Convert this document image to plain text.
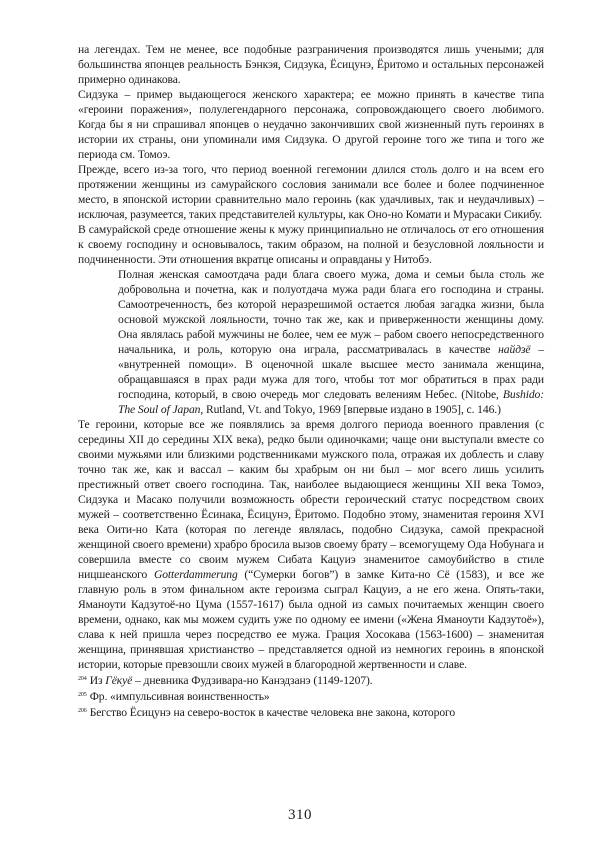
на легендах. Тем не менее, все подобные разграничения производятся лишь учеными; для большинства японцев реальность Бэнкэя, Сидзука, Ёсицунэ, Ёритомо и остальных персонажей примерно одинакова.

Сидзука – пример выдающегося женского характера; ее можно принять в качестве типа «героини поражения», полулегендарного персонажа, сопровождающего своего любимого. Когда бы я ни спрашивал японцев о неудачно закончивших свой жизненный путь героинях в истории их страны, они упоминали имя Сидзука. О другой героине того же типа и того же периода см. Томоэ.

Прежде, всего из-за того, что период военной гегемонии длился столь долго и на всем его протяжении женщины из самурайского сословия занимали все более и более подчиненное место, в японской истории сравнительно мало героинь (как удачливых, так и неудачливых) – исключая, разумеется, таких представителей культуры, как Оно-но Комати и Мурасаки Сикибу.

В самурайской среде отношение жены к мужу принципиально не отличалось от его отношения к своему господину и основывалось, таким образом, на полной и безусловной лояльности и подчиненности. Эти отношения вкратце описаны и оправданы у Нитобэ.

Полная женская самоотдача ради блага своего мужа, дома и семьи была столь же добровольна и почетна, как и полуотдача мужа ради блага его господина и страны. Самоотреченность, без которой неразрешимой остается любая загадка жизни, была основой мужской лояльности, точно так же, как и приверженности женщины дому. Она являлась рабой мужчины не более, чем ее муж – рабом своего непосредственного начальника, и роль, которую она играла, рассматривалась в качестве найдзё – «внутренней помощи». В оценочной шкале высшее место занимала женщина, обращавшаяся в прах ради мужа для того, чтобы тот мог обратиться в прах ради господина, который, в свою очередь мог следовать велениям Небес. (Nitobe, Bushido: The Soul of Japan, Rutland, Vt. and Tokyo, 1969 [впервые издано в 1905], с. 146.)

Те героини, которые все же появлялись за время долгого периода военного правления (с середины XII до середины XIX века), редко были одиночками; чаще они выступали вместе со своими мужьями или близкими родственниками мужского пола, отражая их доблесть и славу точно так же, как и вассал – каким бы храбрым он ни был – мог всего лишь усилить престижный ответ своего господина. Так, наиболее выдающиеся женщины XII века Томоэ, Сидзука и Масако получили возможность обрести героический статус посредством своих мужей – соответственно Ёсинака, Ёсицунэ, Ёритомо. Подобно этому, знаменитая героиня XVI века Оити-но Ката (которая по легенде являлась, подобно Сидзука, самой прекрасной женщиной своего времени) храбро бросила вызов своему брату – всемогущему Ода Нобунага и совершила вместе со своим мужем Сибата Кацуиэ знаменитое самоубийство в стиле ницшеанского Gotterdammerung (“Сумерки богов”) в замке Кита-но Сё (1583), и все же главную роль в этом финальном акте героизма сыграл Кацуиэ, а не его жена. Опять-таки, Яманоути Кадзутоё-но Цума (1557-1617) была одной из самых почитаемых женщин своего времени, однако, как мы можем судить уже по одному ее имени («Жена Яманоути Кадзутоё»), слава к ней пришла через посредство ее мужа. Грация Хосокава (1563-1600) – знаменитая женщина, принявшая христианство – представляется одной из немногих героинь в японской истории, которые превзошли своих мужей в благородной жертвенности и славе.

$^{204}$ Из Гёкуё – дневника Фудзивара-но Канэдзанэ (1149-1207).

$^{205}$ Фр. «импульсивная воинственность»

$^{206}$ Бегство Ёсицунэ на северо-восток в качестве человека вне закона, которого

310
